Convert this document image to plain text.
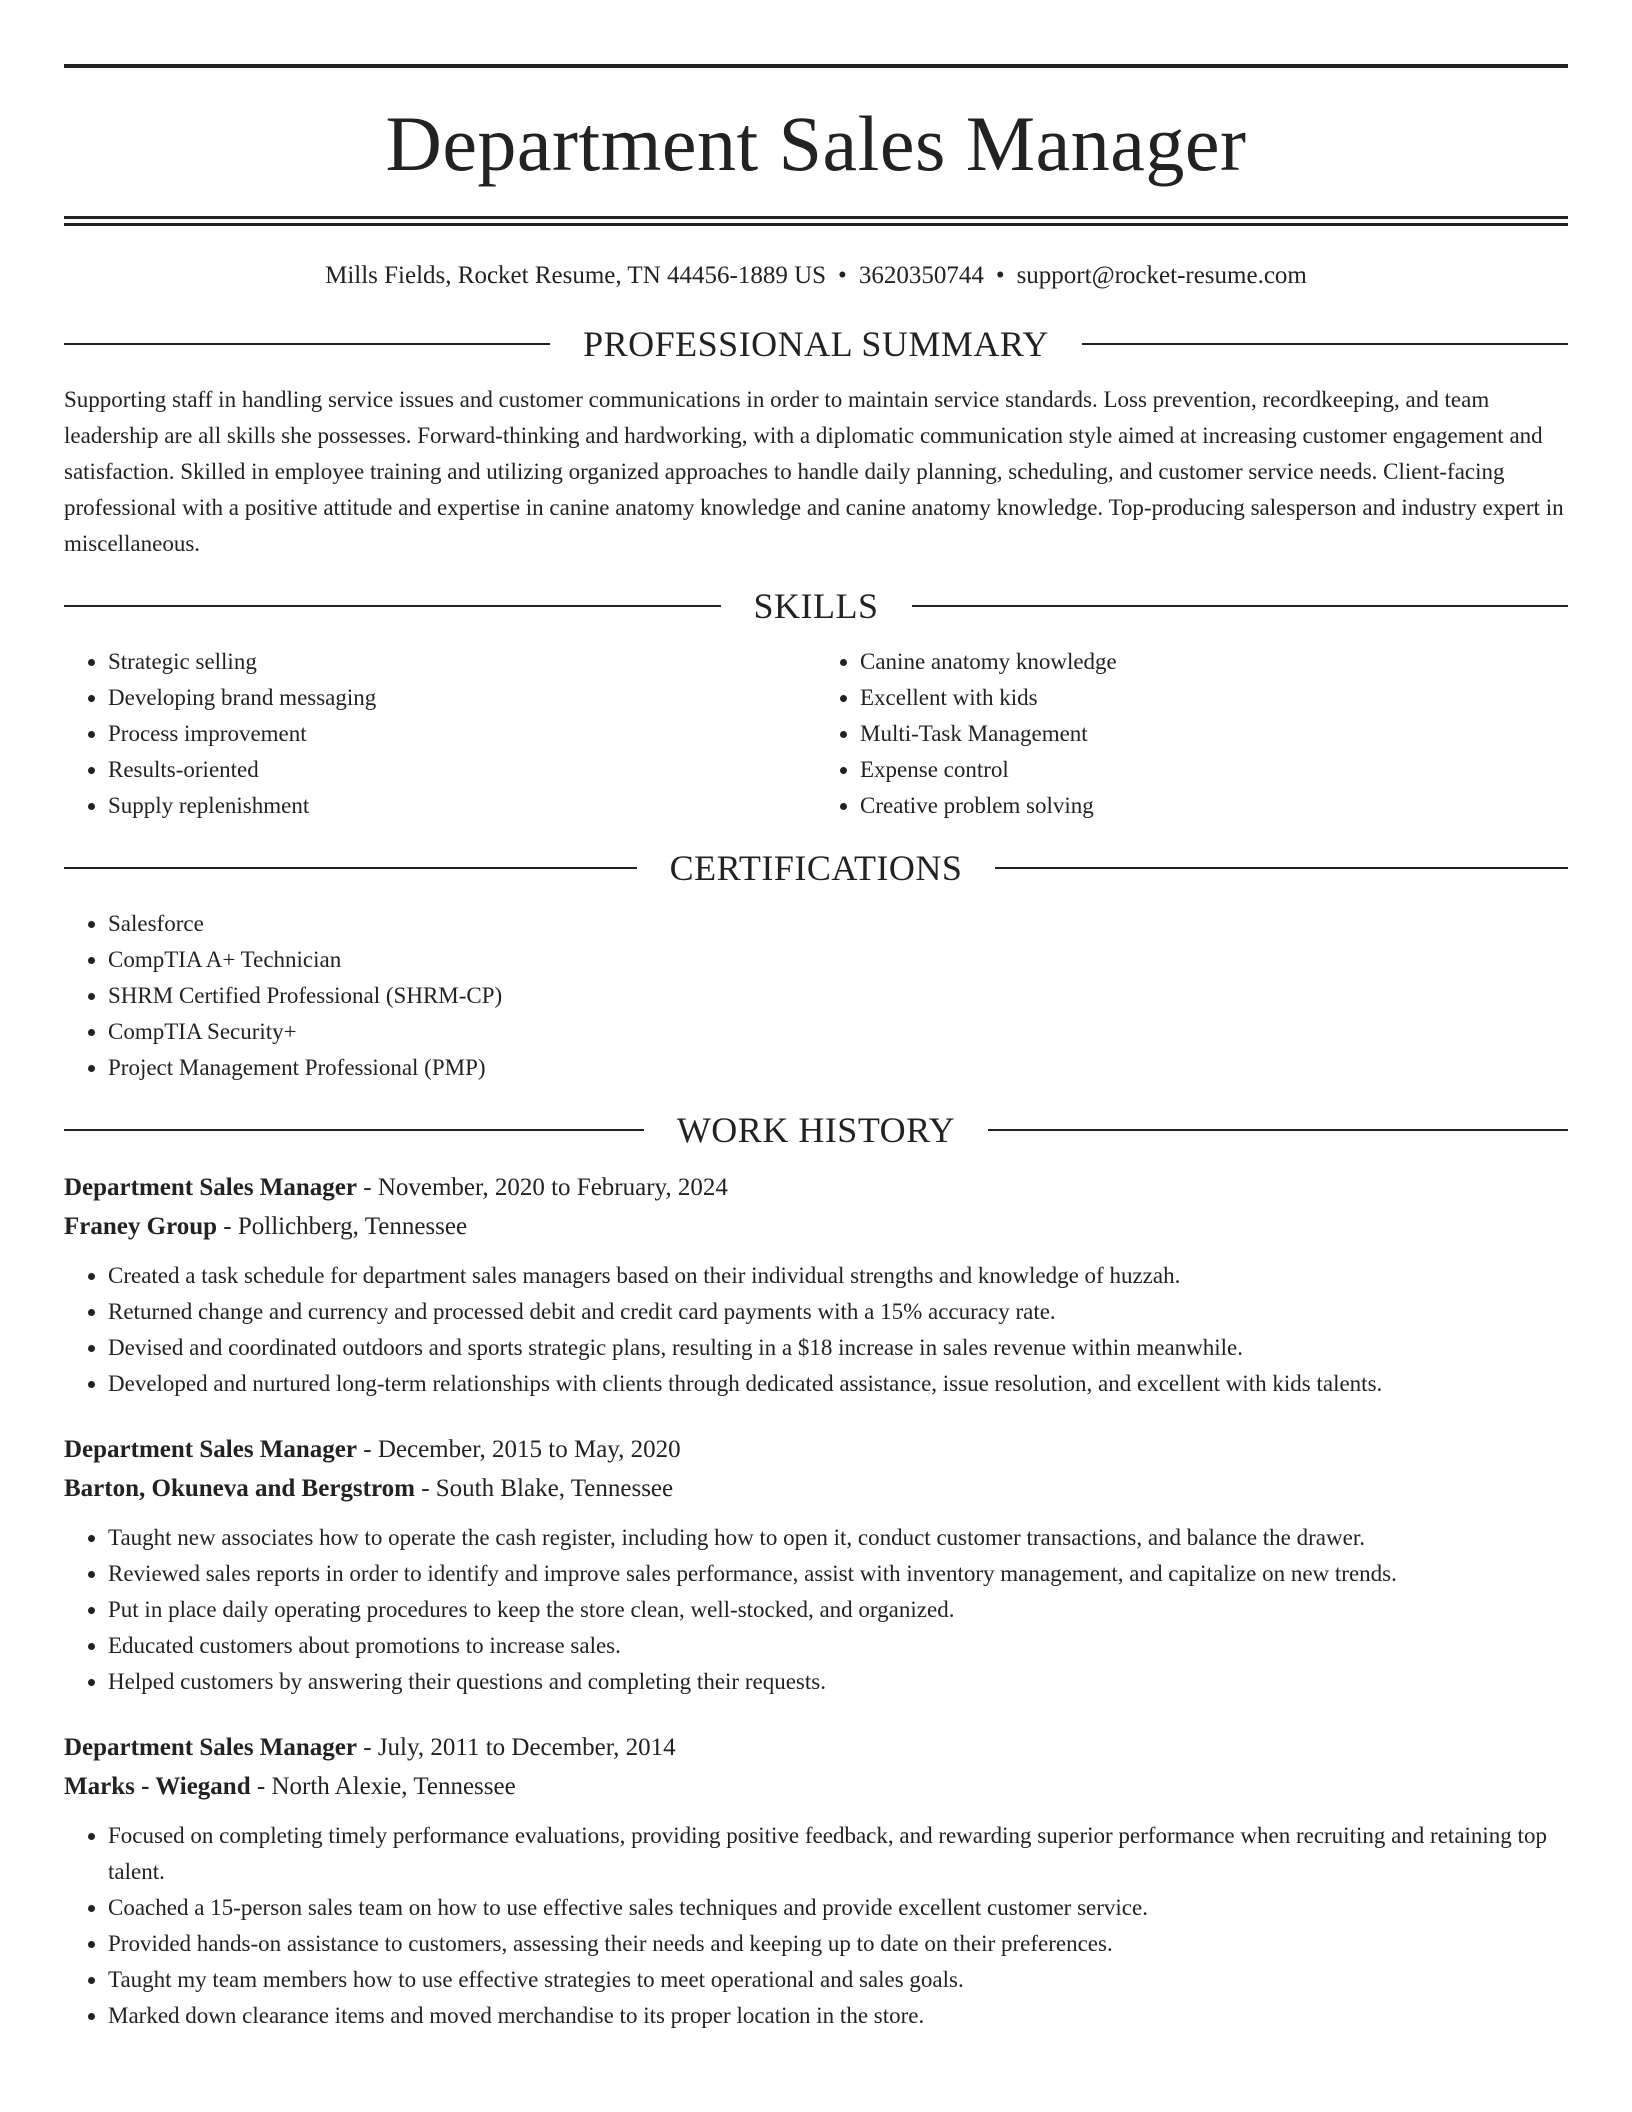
Department Sales Manager
Mills Fields, Rocket Resume, TN 44456-1889 US • 3620350744 • support@rocket-resume.com
PROFESSIONAL SUMMARY

Supporting staff in handling service issues and customer communications in order to maintain service standards. Loss prevention, recordkeeping, and team leadership are all skills she possesses. Forward-thinking and hardworking, with a diplomatic communication style aimed at increasing customer engagement and satisfaction. Skilled in employee training and utilizing organized approaches to handle daily planning, scheduling, and customer service needs. Client-facing professional with a positive attitude and expertise in canine anatomy knowledge and canine anatomy knowledge. Top-producing salesperson and industry expert in miscellaneous.

SKILLS
• Strategic selling
• Developing brand messaging
• Process improvement
• Results-oriented
• Supply replenishment
• Canine anatomy knowledge
• Excellent with kids
• Multi-Task Management
• Expense control
• Creative problem solving
CERTIFICATIONS
• Salesforce
• CompTIA A+ Technician
• SHRM Certified Professional (SHRM-CP)
• CompTIA Security+
• Project Management Professional (PMP)
WORK HISTORY
Department Sales Manager - November, 2020 to February, 2024
Franey Group - Pollichberg, Tennessee
• Created a task schedule for department sales managers based on their individual strengths and knowledge of huzzah.
• Returned change and currency and processed debit and credit card payments with a 15% accuracy rate.
• Devised and coordinated outdoors and sports strategic plans, resulting in a $18 increase in sales revenue within meanwhile.
• Developed and nurtured long-term relationships with clients through dedicated assistance, issue resolution, and excellent with kids talents.
Department Sales Manager - December, 2015 to May, 2020
Barton, Okuneva and Bergstrom - South Blake, Tennessee
• Taught new associates how to operate the cash register, including how to open it, conduct customer transactions, and balance the drawer.
• Reviewed sales reports in order to identify and improve sales performance, assist with inventory management, and capitalize on new trends.
• Put in place daily operating procedures to keep the store clean, well-stocked, and organized.
• Educated customers about promotions to increase sales.
• Helped customers by answering their questions and completing their requests.
Department Sales Manager - July, 2011 to December, 2014
Marks - Wiegand - North Alexie, Tennessee
• Focused on completing timely performance evaluations, providing positive feedback, and rewarding superior performance when recruiting and retaining top talent.
• Coached a 15-person sales team on how to use effective sales techniques and provide excellent customer service.
• Provided hands-on assistance to customers, assessing their needs and keeping up to date on their preferences.
• Taught my team members how to use effective strategies to meet operational and sales goals.
• Marked down clearance items and moved merchandise to its proper location in the store.
